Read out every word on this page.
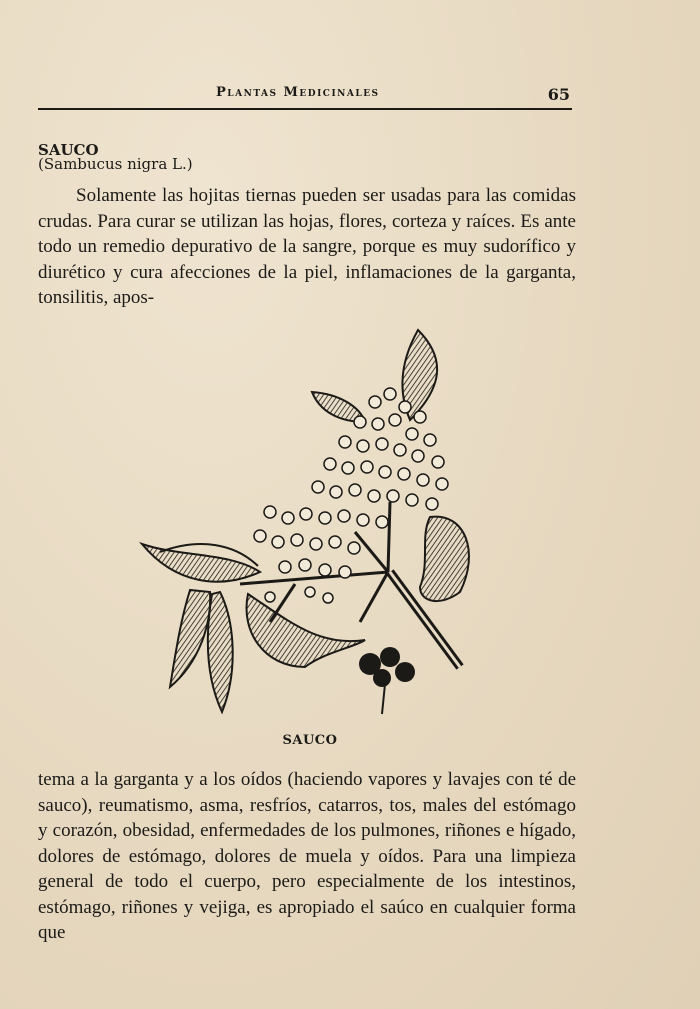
Plantas Medicinales	65
SAUCO
(Sambucus nigra L.)

Solamente las hojitas tiernas pueden ser usadas para las comidas crudas. Para curar se utilizan las hojas, flores, corteza y raíces. Es ante todo un remedio depurativo de la sangre, porque es muy sudorífico y diurético y cura afecciones de la piel, inflamaciones de la garganta, tonsilitis, apos-

SAUCO

tema a la garganta y a los oídos (haciendo vapores y lavajes con té de sauco), reumatismo, asma, resfríos, catarros, tos, males del estómago y corazón, obesidad, enfermedades de los pulmones, riñones e hígado, dolores de estómago, dolores de muela y oídos. Para una limpieza general de todo el cuerpo, pero especialmente de los intestinos, estómago, riñones y vejiga, es apropiado el saúco en cualquier forma que
